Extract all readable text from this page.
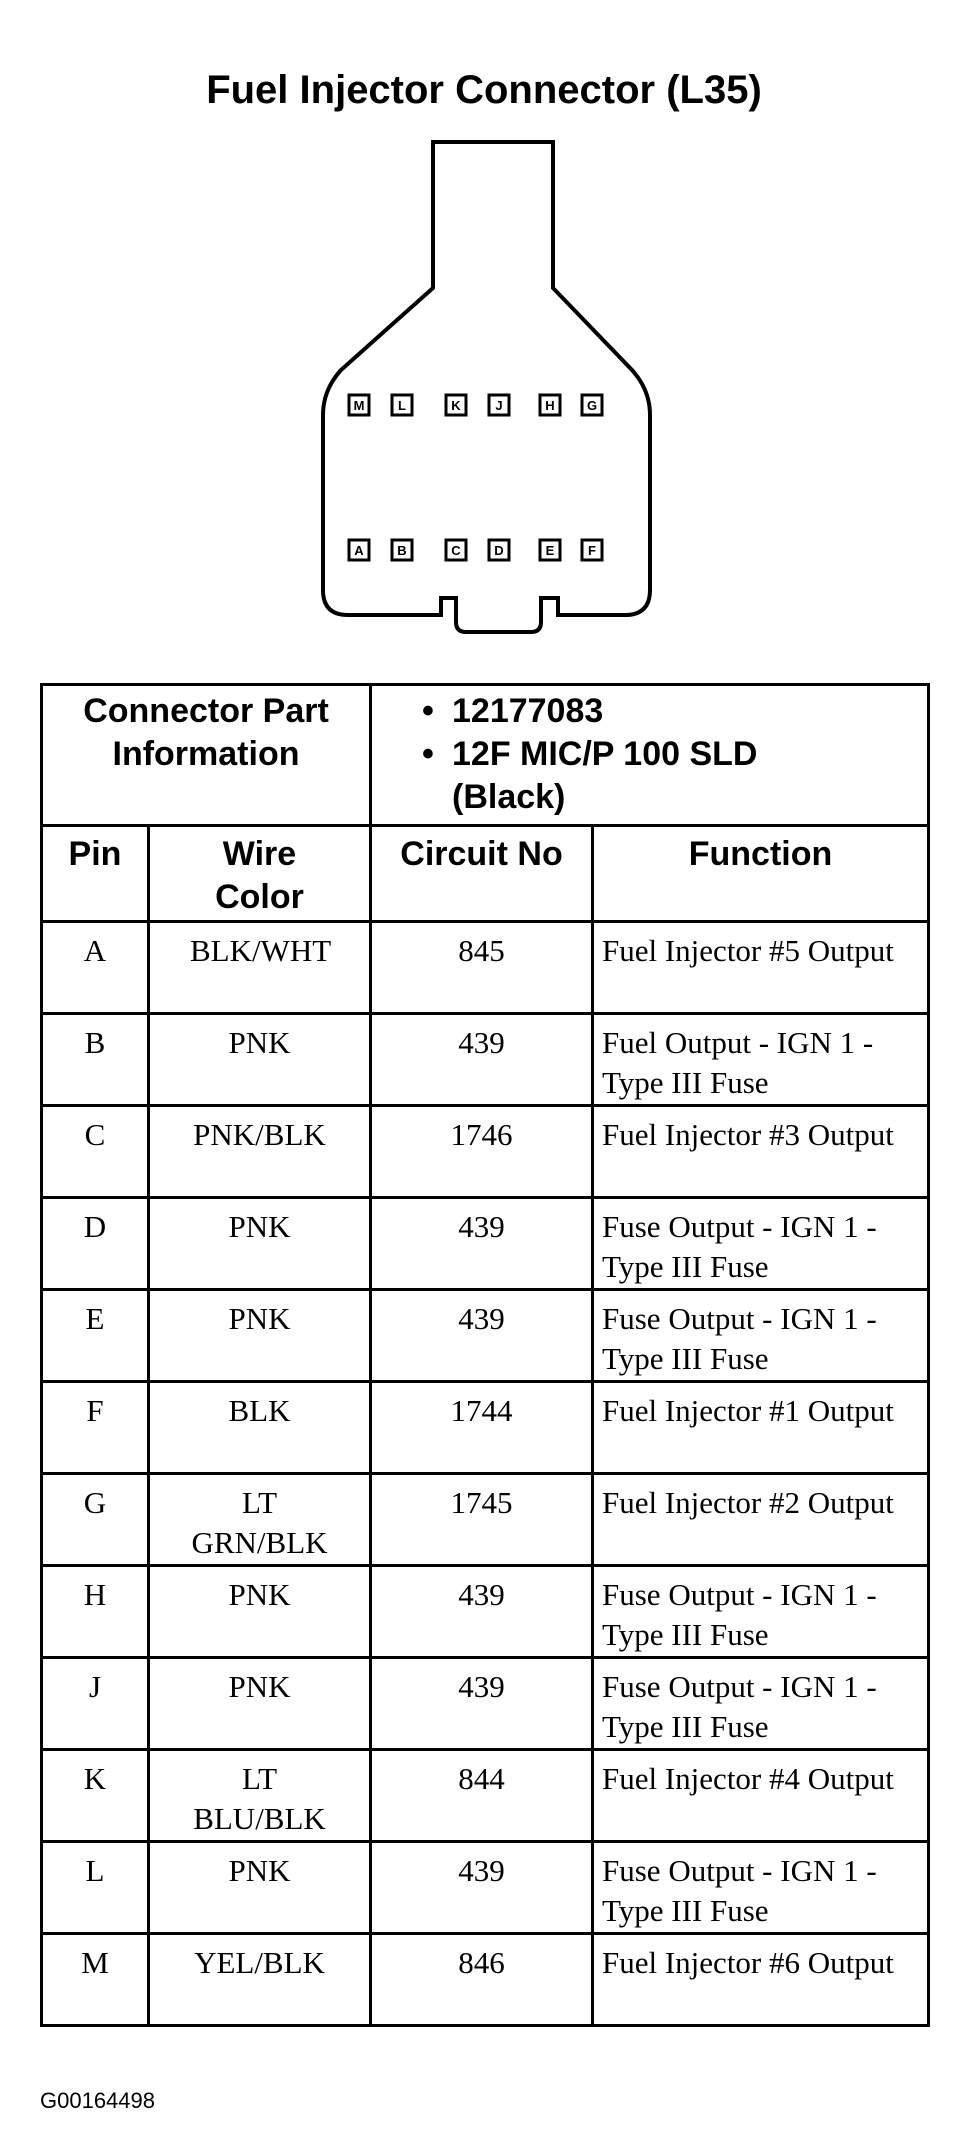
Fuel Injector Connector (L35)
M	L	K	J	H G
A	B	C	D	E	F
Connector Part Information		• 12177083
• 12F MIC/P 100 SLD
(Black)	

Pin	Wire Color	Circuit No	Function
A	BLK/WHT	845	Fuel Injector #5 Output
B	PNK	439	Fuel Output - IGN 1 - Type III Fuse
C	PNK/BLK	1746	Fuel Injector #3 Output
D	PNK	439	Fuse Output - IGN 1 - Type III Fuse
E	PNK	439	Fuse Output - IGN 1 - Type III Fuse
F	BLK	1744	Fuel Injector #1 Output
G	LT GRN/BLK	1745	Fuel Injector #2 Output
H	PNK	439	Fuse Output - IGN 1 - Type III Fuse
J	PNK	439	Fuse Output - IGN 1 - Type III Fuse
K	LT BLU/BLK	844	Fuel Injector #4 Output
L	PNK	439	Fuse Output - IGN 1 - Type III Fuse
M	YEL/BLK	846	Fuel Injector #6 Output
G00164498
